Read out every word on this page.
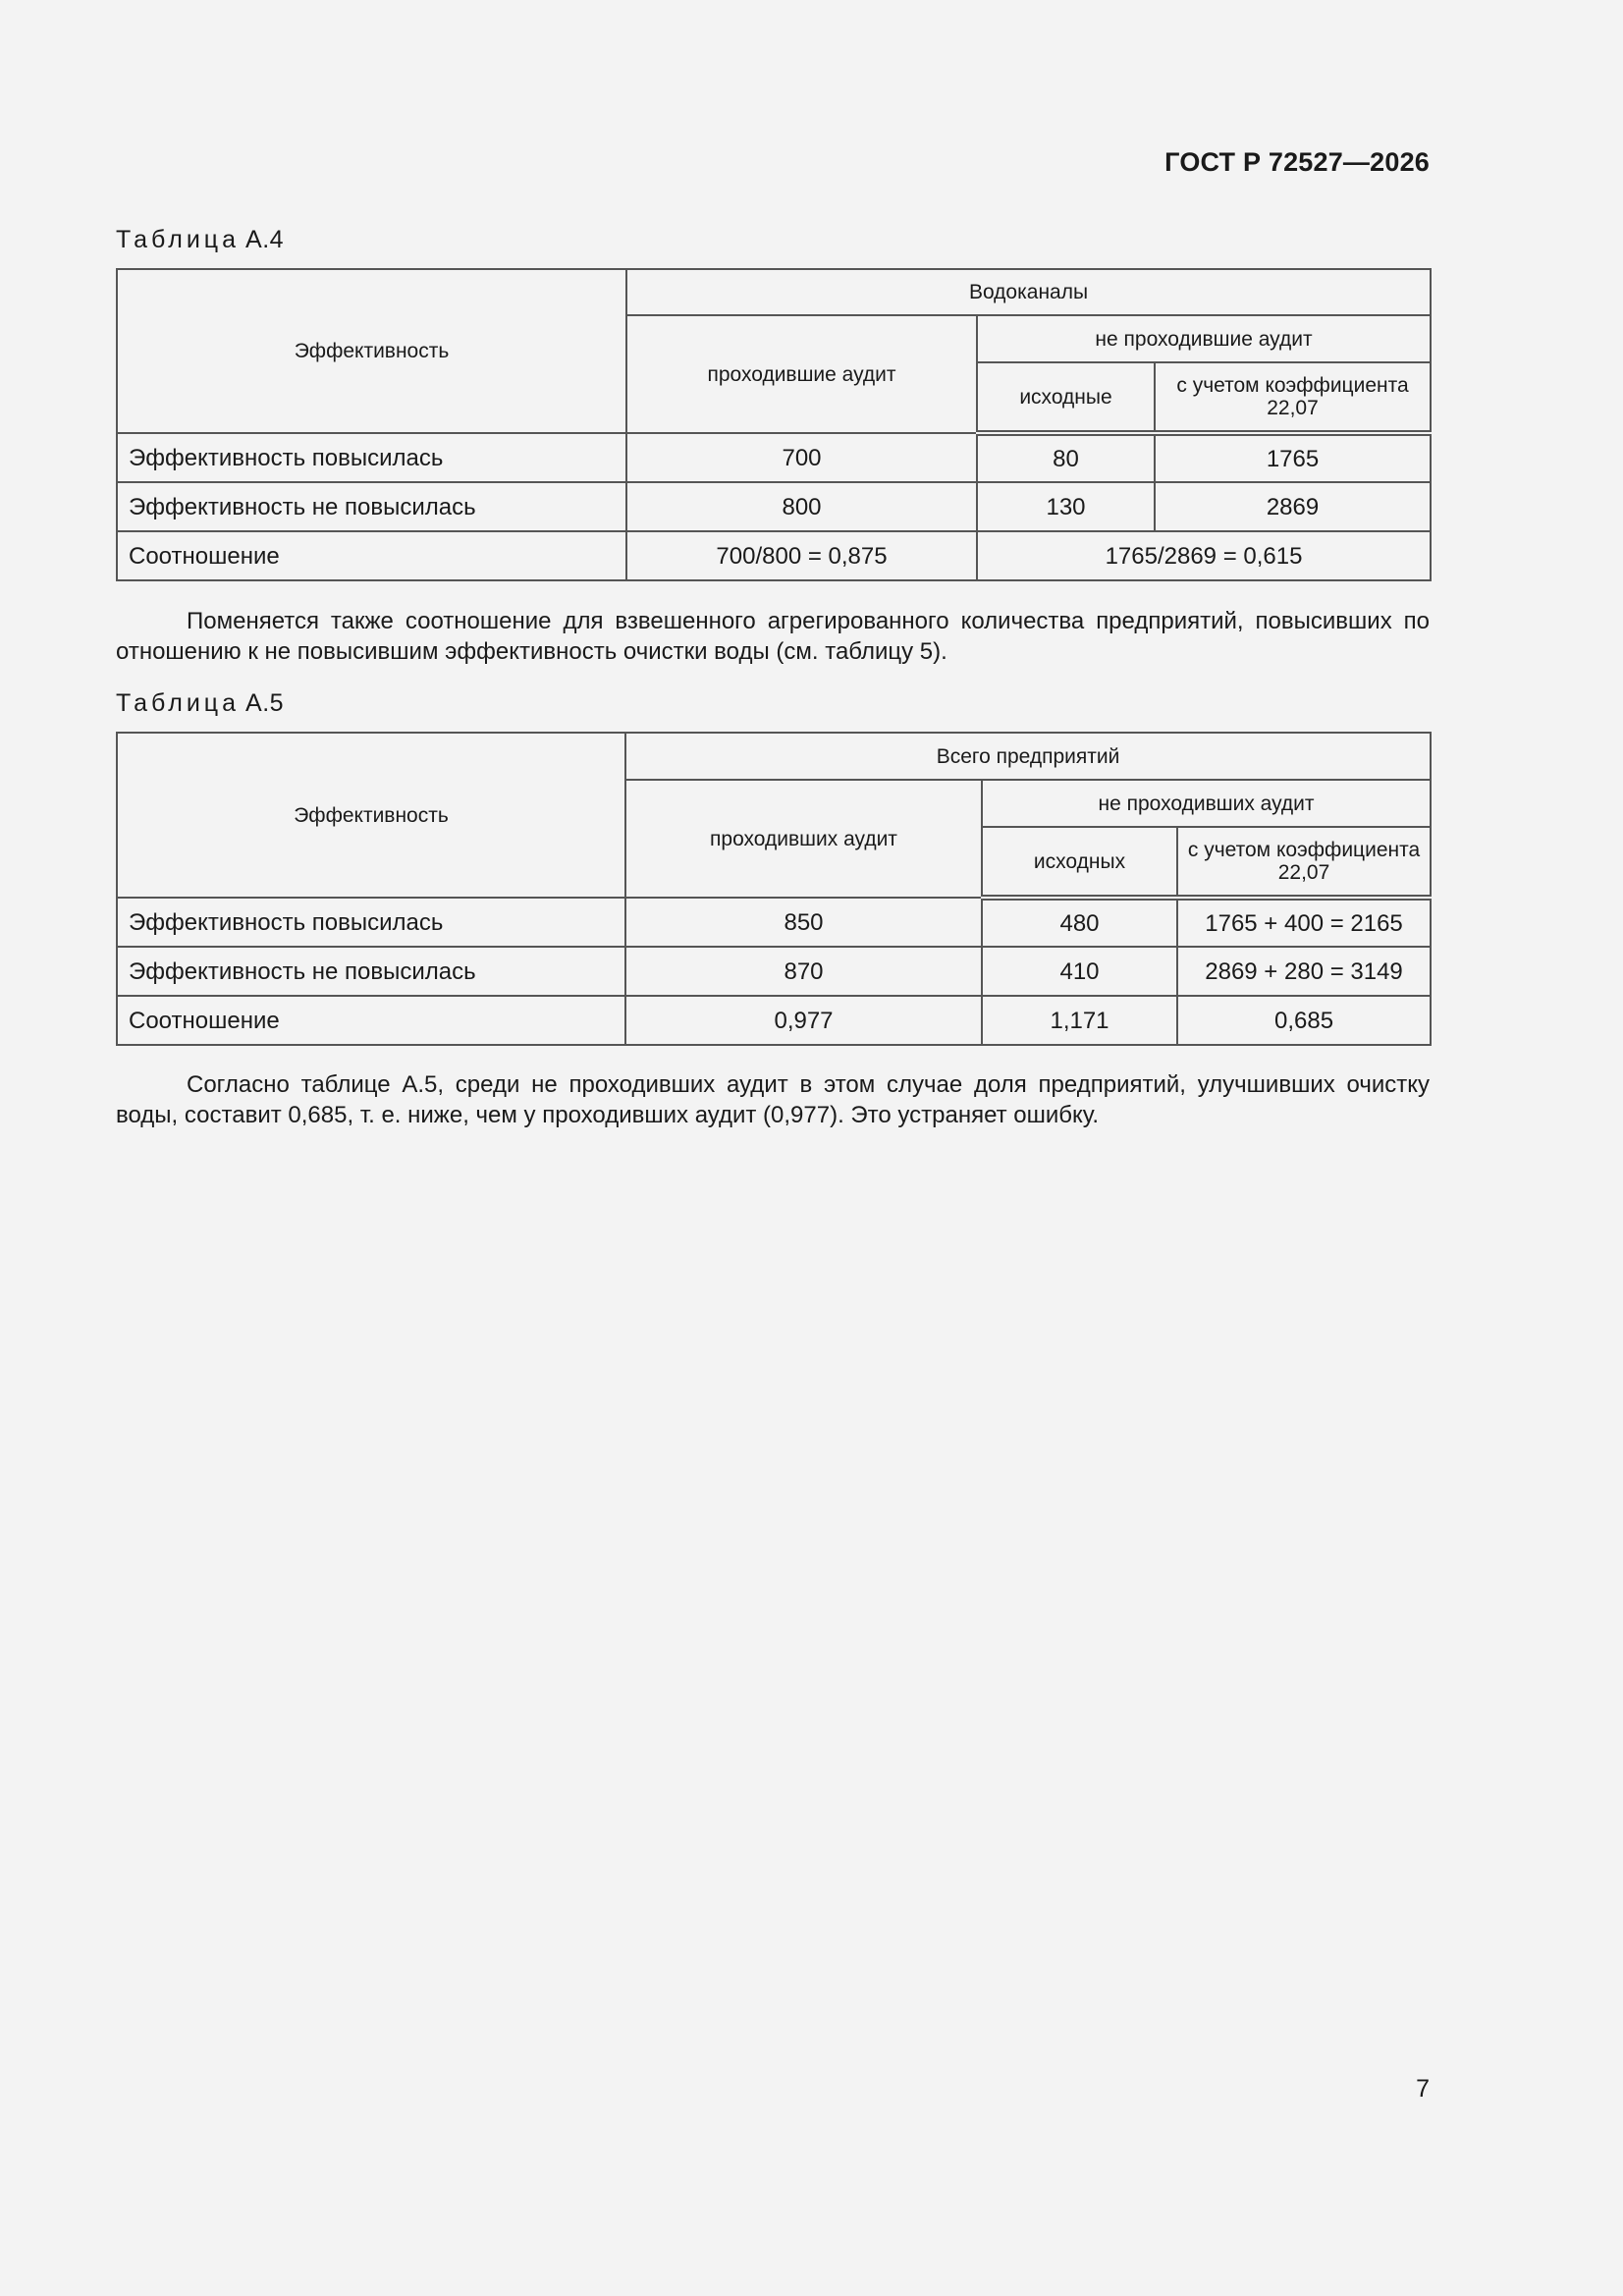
ГОСТ Р 72527—2026
Таблица А.4
Эффективность	Водоканалы		
	проходившие аудит	не проходившие аудит	
		исходные	с учетом коэффициента 22,07
Эффективность повысилась	700	80	1765
Эффективность не повысилась	800	130	2869
Соотношение	700/800 = 0,875	1765/2869 = 0,615	

Поменяется также соотношение для взвешенного агрегированного количества предприятий, повысивших по отношению к не повысившим эффективность очистки воды (см. таблицу 5).

Таблица А.5
Эффективность	Всего предприятий		
	проходивших аудит	не проходивших аудит	
		исходных	с учетом коэффициента 22,07
Эффективность повысилась	850	480	1765 + 400 = 2165
Эффективность не повысилась	870	410	2869 + 280 = 3149
Соотношение	0,977	1,171	0,685

Согласно таблице А.5, среди не проходивших аудит в этом случае доля предприятий, улучшивших очистку воды, составит 0,685, т. е. ниже, чем у проходивших аудит (0,977). Это устраняет ошибку.

7
